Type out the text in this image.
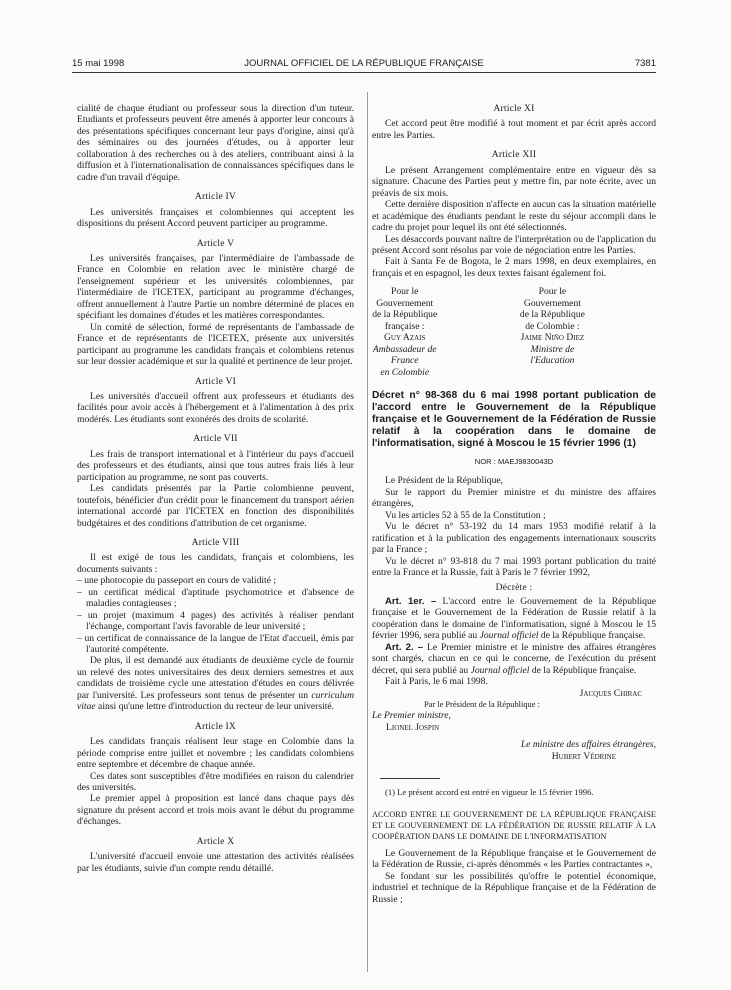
15 mai 1998	JOURNAL OFFICIEL DE LA RÉPUBLIQUE FRANÇAISE	7381

cialité de chaque étudiant ou professeur sous la direction d'un tuteur. Etudiants et professeurs peuvent être amenés à apporter leur concours à des présentations spécifiques concernant leur pays d'origine, ainsi qu'à des séminaires ou des journées d'études, ou à apporter leur collaboration à des recherches ou à des ateliers, contribuant ainsi à la diffusion et à l'internationalisation de connaissances spécifiques dans le cadre d'un travail d'équipe.

Article IV

Les universités françaises et colombiennes qui acceptent les dispositions du présent Accord peuvent participer au programme.

Article V

Les universités françaises, par l'intermédiaire de l'ambassade de France en Colombie en relation avec le ministère chargé de l'enseignement supérieur et les universités colombiennes, par l'intermédiaire de l'ICETEX, participant au programme d'échanges, offrent annuellement à l'autre Partie un nombre déterminé de places en spécifiant les domaines d'études et les matières correspondantes.

Un comité de sélection, formé de représentants de l'ambassade de France et de représentants de l'ICETEX, présente aux universités participant au programme les candidats français et colombiens retenus sur leur dossier académique et sur la qualité et pertinence de leur projet.

Article VI

Les universités d'accueil offrent aux professeurs et étudiants des facilités pour avoir accès à l'hébergement et à l'alimentation à des prix modérés. Les étudiants sont exonérés des droits de scolarité.

Article VII

Les frais de transport international et à l'intérieur du pays d'accueil des professeurs et des étudiants, ainsi que tous autres frais liés à leur participation au programme, ne sont pas couverts.

Les candidats présentés par la Partie colombienne peuvent, toutefois, bénéficier d'un crédit pour le financement du transport aérien international accordé par l'ICETEX en fonction des disponibilités budgétaires et des conditions d'attribution de cet organisme.

Article VIII

Il est exigé de tous les candidats, français et colombiens, les documents suivants :

– une photocopie du passeport en cours de validité ;
– un certificat médical d'aptitude psychomotrice et d'absence de maladies contagieuses ;
– un projet (maximum 4 pages) des activités à réaliser pendant l'échange, comportant l'avis favorable de leur université ;
– un certificat de connaissance de la langue de l'Etat d'accueil, émis par l'autorité compétente.

De plus, il est demandé aux étudiants de deuxième cycle de fournir un relevé des notes universitaires des deux derniers semestres et aux candidats de troisième cycle une attestation d'études en cours délivrée par l'université. Les professeurs sont tenus de présenter un curriculum vitae ainsi qu'une lettre d'introduction du recteur de leur université.

Article IX

Les candidats français réalisent leur stage en Colombie dans la période comprise entre juillet et novembre ; les candidats colombiens entre septembre et décembre de chaque année.

Ces dates sont susceptibles d'être modifiées en raison du calendrier des universités.

Le premier appel à proposition est lancé dans chaque pays dès signature du présent accord et trois mois avant le début du programme d'échanges.

Article X

L'université d'accueil envoie une attestation des activités réalisées par les étudiants, suivie d'un compte rendu détaillé.

Article XI

Cet accord peut être modifié à tout moment et par écrit après accord entre les Parties.

Article XII

Le présent Arrangement complémentaire entre en vigueur dès sa signature. Chacune des Parties peut y mettre fin, par note écrite, avec un préavis de six mois.

Cette dernière disposition n'affecte en aucun cas la situation matérielle et académique des étudiants pendant le reste du séjour accompli dans le cadre du projet pour lequel ils ont été sélectionnés.

Les désaccords pouvant naître de l'interprétation ou de l'application du présent Accord sont résolus par voie de négociation entre les Parties.

Fait à Santa Fe de Bogota, le 2 mars 1998, en deux exemplaires, en français et en espagnol, les deux textes faisant également foi.

Pour le Gouvernement
de la République française :
Guy Azais
Ambassadeur de France
en Colombie
Pour le Gouvernement
de la République de Colombie :
Jaime Niño Diez
Ministre de l'Education
Décret n° 98-368 du 6 mai 1998 portant publication de l'accord entre le Gouvernement de la République française et le Gouvernement de la Fédération de Russie relatif à la coopération dans le domaine de l'informatisation, signé à Moscou le 15 février 1996 (1)
NOR : MAEJ9830043D

Le Président de la République,

Sur le rapport du Premier ministre et du ministre des affaires étrangères,

Vu les articles 52 à 55 de la Constitution ;

Vu le décret n° 53-192 du 14 mars 1953 modifié relatif à la ratification et à la publication des engagements internationaux souscrits par la France ;

Vu le décret n° 93-818 du 7 mai 1993 portant publication du traité entre la France et la Russie, fait à Paris le 7 février 1992,

Décrète :

Art. 1er. – L'accord entre le Gouvernement de la République française et le Gouvernement de la Fédération de Russie relatif à la coopération dans le domaine de l'informatisation, signé à Moscou le 15 février 1996, sera publié au Journal officiel de la République française.

Art. 2. – Le Premier ministre et le ministre des affaires étrangères sont chargés, chacun en ce qui le concerne, de l'exécution du présent décret, qui sera publié au Journal officiel de la République française.

Fait à Paris, le 6 mai 1998.

Jacques Chirac
Par le Président de la République :
Le Premier ministre,
Lionel Jospin
Le ministre des affaires étrangères,
Hubert Védrine

(1) Le présent accord est entré en vigueur le 15 février 1996.

ACCORD ENTRE LE GOUVERNEMENT DE LA RÉPUBLIQUE FRANÇAISE ET LE GOUVERNEMENT DE LA FÉDÉRATION DE RUSSIE RELATIF À LA COOPÉRATION DANS LE DOMAINE DE L'INFORMATISATION

Le Gouvernement de la République française et le Gouvernement de la Fédération de Russie, ci-après dénommés « les Parties contractantes »,

Se fondant sur les possibilités qu'offre le potentiel économique, industriel et technique de la République française et de la Fédération de Russie ;
